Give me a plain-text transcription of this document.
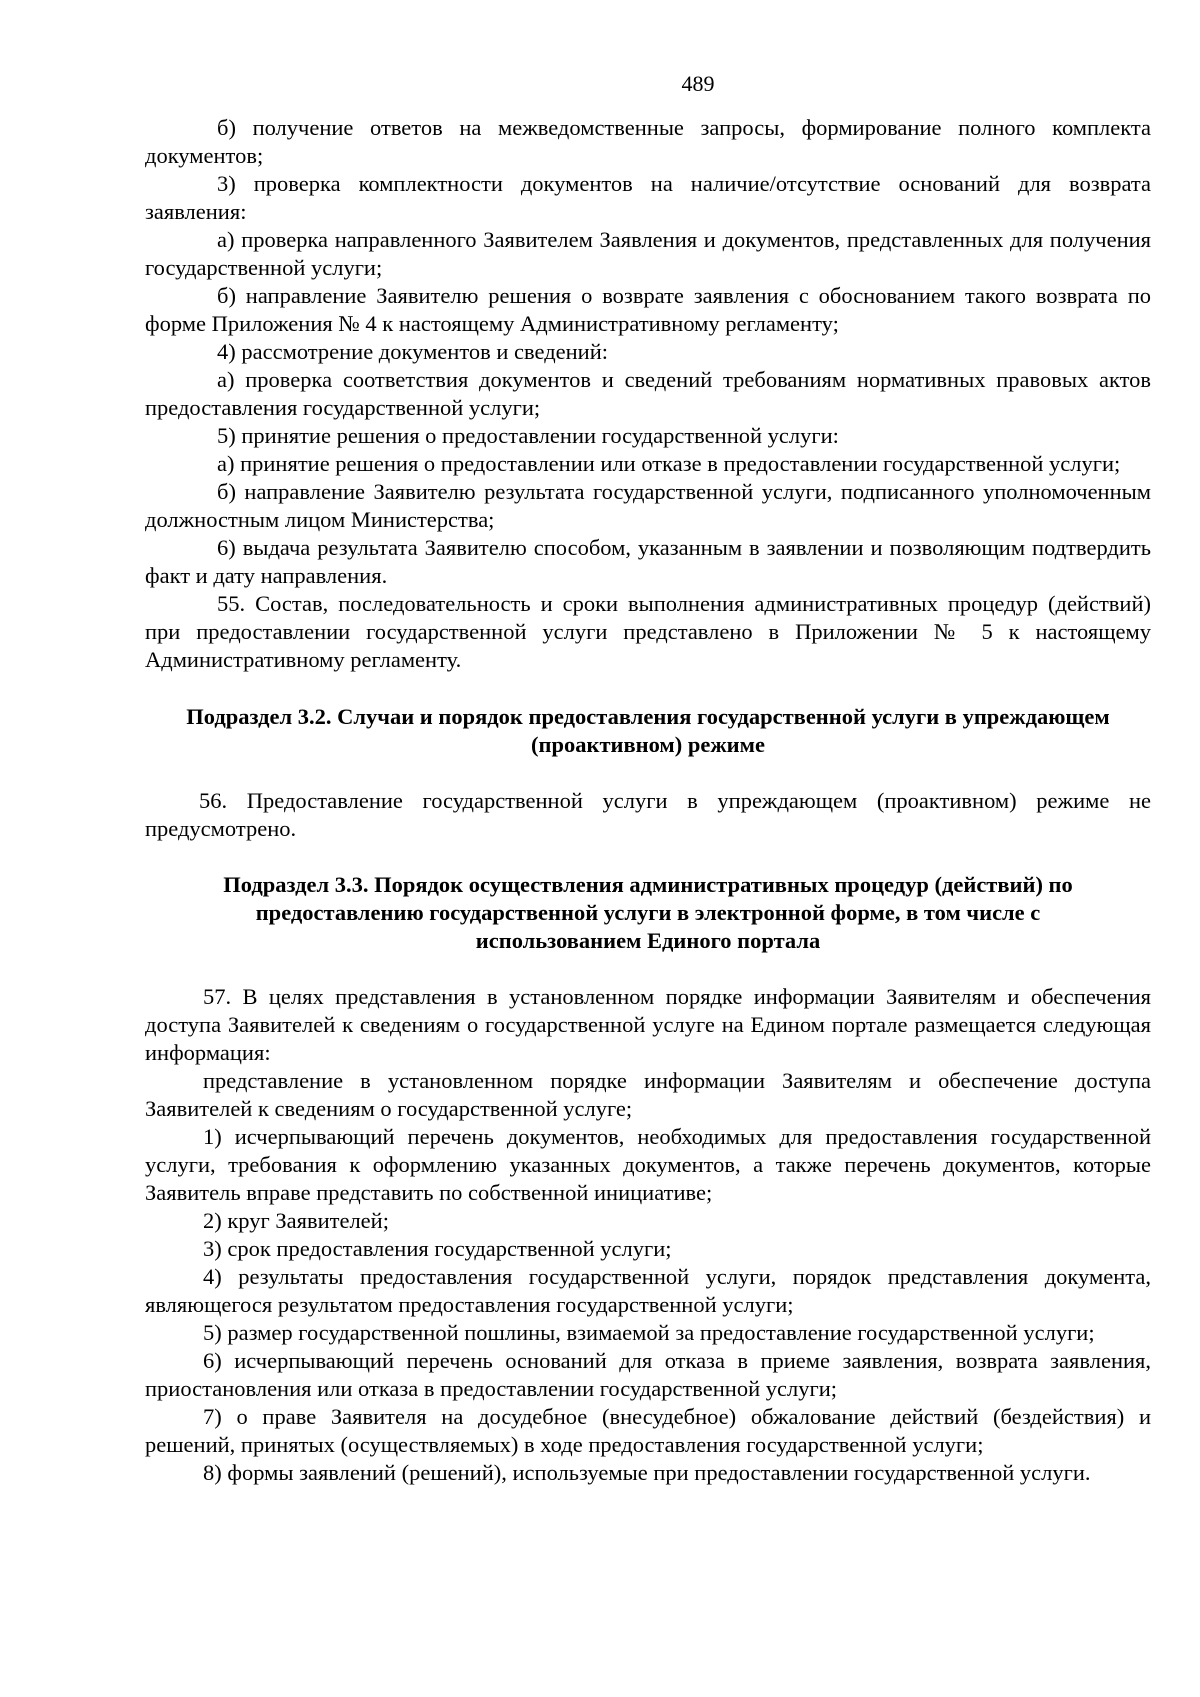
489

б) получение ответов на межведомственные запросы, формирование полного комплекта документов;

3) проверка комплектности документов на наличие/отсутствие оснований для возврата заявления:

а) проверка направленного Заявителем Заявления и документов, представленных для получения государственной услуги;

б) направление Заявителю решения о возврате заявления с обоснованием такого возврата по форме Приложения № 4 к настоящему Административному регламенту;

4) рассмотрение документов и сведений:

а) проверка соответствия документов и сведений требованиям нормативных правовых актов предоставления государственной услуги;

5) принятие решения о предоставлении государственной услуги:

а) принятие решения о предоставлении или отказе в предоставлении государственной услуги;

б) направление Заявителю результата государственной услуги, подписанного уполномоченным должностным лицом Министерства;

6) выдача результата Заявителю способом, указанным в заявлении и позволяющим подтвердить факт и дату направления.

55. Состав, последовательность и сроки выполнения административных процедур (действий) при предоставлении государственной услуги представлено в Приложении № 5 к настоящему Административному регламенту.

Подраздел 3.2. Случаи и порядок предоставления государственной услуги в упреждающем
(проактивном) режиме

56. Предоставление государственной услуги в упреждающем (проактивном) режиме не предусмотрено.

Подраздел 3.3. Порядок осуществления административных процедур (действий) по
предоставлению государственной услуги в электронной форме, в том числе с
использованием Единого портала

57. В целях представления в установленном порядке информации Заявителям и обеспечения доступа Заявителей к сведениям о государственной услуге на Едином портале размещается следующая информация:

представление в установленном порядке информации Заявителям и обеспечение доступа Заявителей к сведениям о государственной услуге;

1) исчерпывающий перечень документов, необходимых для предоставления государственной услуги, требования к оформлению указанных документов, а также перечень документов, которые Заявитель вправе представить по собственной инициативе;

2) круг Заявителей;

3) срок предоставления государственной услуги;

4) результаты предоставления государственной услуги, порядок представления документа, являющегося результатом предоставления государственной услуги;

5) размер государственной пошлины, взимаемой за предоставление государственной услуги;

6) исчерпывающий перечень оснований для отказа в приеме заявления, возврата заявления, приостановления или отказа в предоставлении государственной услуги;

7) о праве Заявителя на досудебное (внесудебное) обжалование действий (бездействия) и решений, принятых (осуществляемых) в ходе предоставления государственной услуги;

8) формы заявлений (решений), используемые при предоставлении государственной услуги.
